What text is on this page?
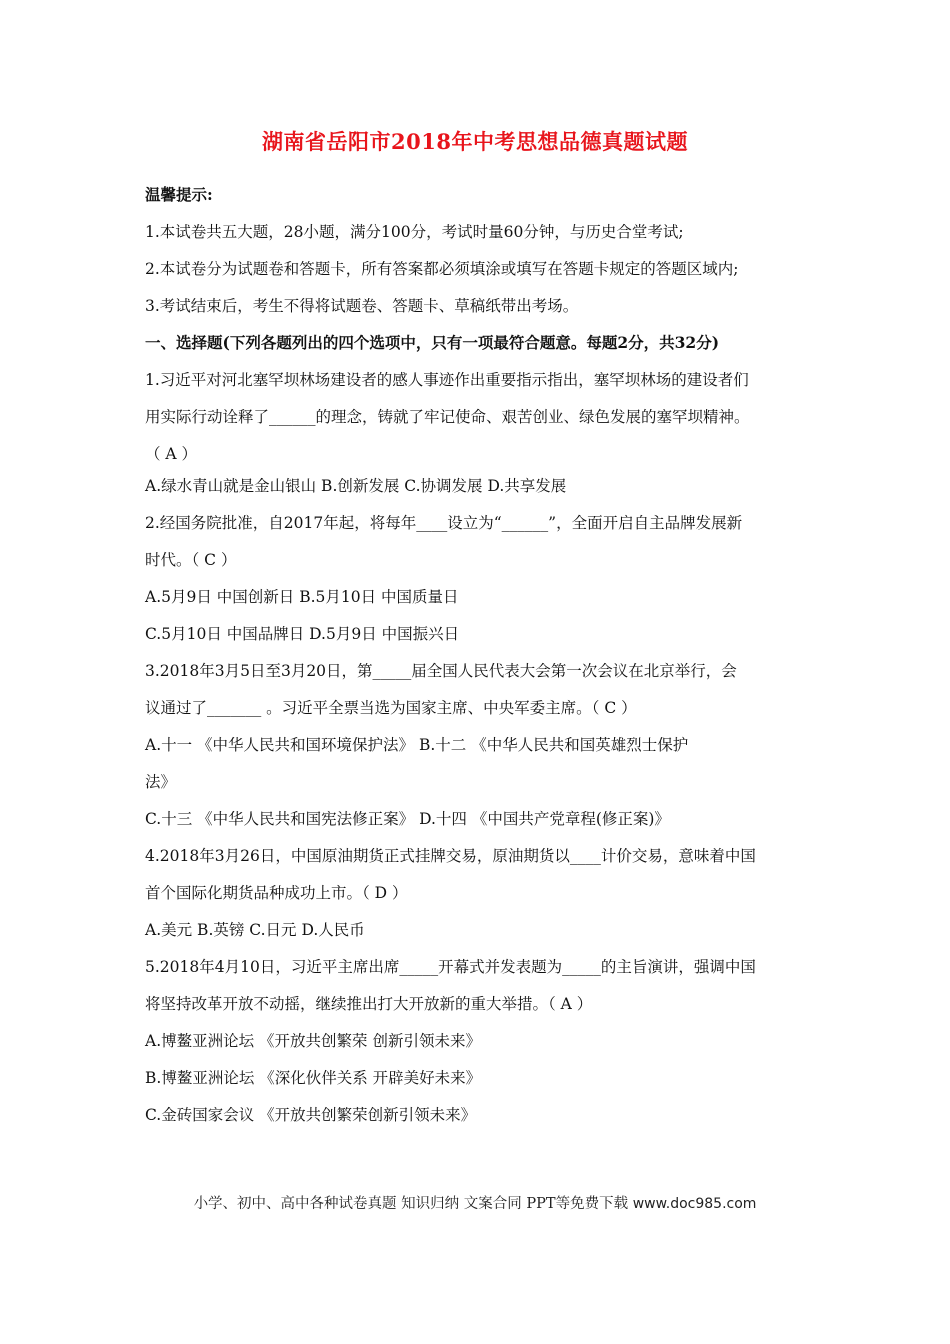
湖南省岳阳市2018年中考思想品德真题试题
温馨提示:
1.本试卷共五大题，28小题，满分100分，考试时量60分钟，与历史合堂考试;
2.本试卷分为试题卷和答题卡，所有答案都必须填涂或填写在答题卡规定的答题区域内;
3.考试结束后，考生不得将试题卷、答题卡、草稿纸带出考场。
一、选择题(下列各题列出的四个选项中，只有一项最符合题意。每题2分，共32分)
1.习近平对河北塞罕坝林场建设者的感人事迹作出重要指示指出，塞罕坝林场的建设者们
用实际行动诠释了______的理念，铸就了牢记使命、艰苦创业、绿色发展的塞罕坝精神。
（ A ）
A.绿水青山就是金山银山 B.创新发展 C.协调发展 D.共享发展
2.经国务院批准，自2017年起，将每年____设立为“______”，全面开启自主品牌发展新
时代。（ C ）
A.5月9日 中国创新日 B.5月10日 中国质量日
C.5月10日 中国品牌日 D.5月9日 中国振兴日
3.2018年3月5日至3月20日，第_____届全国人民代表大会第一次会议在北京举行，会
议通过了_______ 。习近平全票当选为国家主席、中央军委主席。（ C ）
A.十一 《中华人民共和国环境保护法》 B.十二 《中华人民共和国英雄烈士保护
法》
C.十三 《中华人民共和国宪法修正案》 D.十四 《中国共产党章程(修正案)》
4.2018年3月26日，中国原油期货正式挂牌交易，原油期货以____计价交易，意味着中国
首个国际化期货品种成功上市。（ D ）
A.美元 B.英镑 C.日元 D.人民币
5.2018年4月10日，习近平主席出席_____开幕式并发表题为_____的主旨演讲，强调中国
将坚持改革开放不动摇，继续推出打大开放新的重大举措。（ A ）
A.博鳌亚洲论坛 《开放共创繁荣 创新引领未来》
B.博鳌亚洲论坛 《深化伙伴关系 开辟美好未来》
C.金砖国家会议 《开放共创繁荣创新引领未来》
小学、初中、高中各种试卷真题 知识归纳 文案合同 PPT等免费下载 www.doc985.com
